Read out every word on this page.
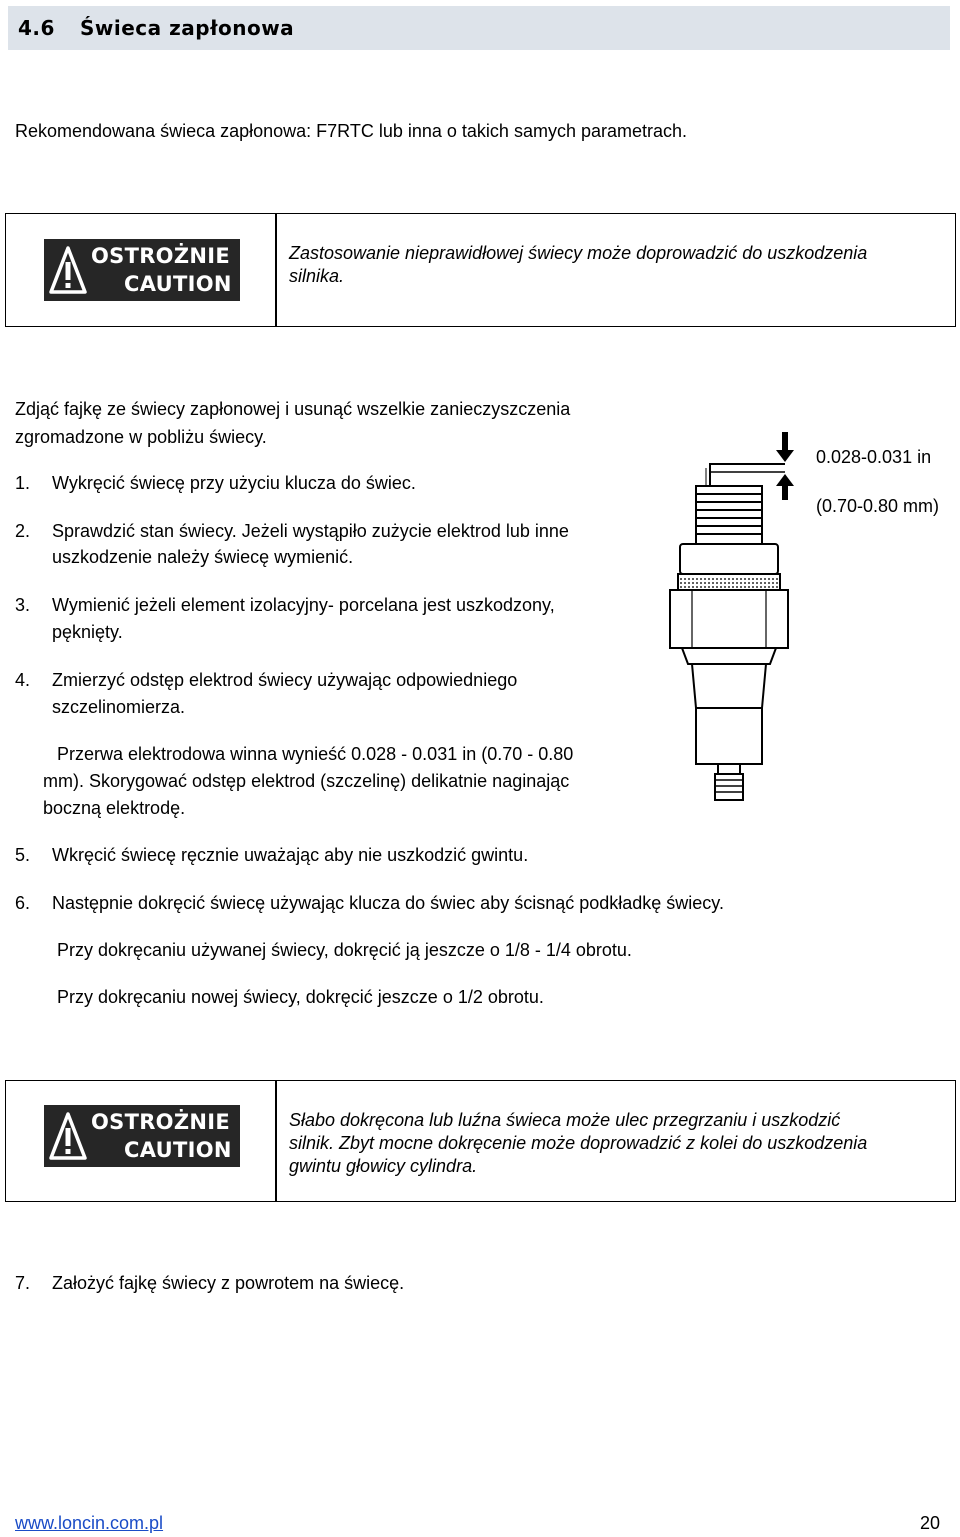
4.6 Świeca zapłonowa
Rekomendowana świeca zapłonowa: F7RTC lub inna o takich samych parametrach.
OSTROŻNIE
CAUTION
Zastosowanie nieprawidłowej świecy może doprowadzić do uszkodzenia
silnika.
Zdjąć fajkę ze świecy zapłonowej i usunąć wszelkie zanieczyszczenia
zgromadzone w pobliżu świecy.
1. Wykręcić świecę przy użyciu klucza do świec.
2. Sprawdzić stan świecy. Jeżeli wystąpiło zużycie elektrod lub inne
uszkodzenie należy świecę wymienić.
3. Wymienić jeżeli element izolacyjny- porcelana jest uszkodzony,
pęknięty.
4. Zmierzyć odstęp elektrod świecy używając odpowiedniego
szczelinomierza.
Przerwa elektrodowa winna wynieść 0.028 - 0.031 in (0.70 - 0.80
mm). Skorygować odstęp elektrod (szczelinę) delikatnie naginając
boczną elektrodę.
0.028-0.031 in
(0.70-0.80 mm)
5. Wkręcić świecę ręcznie uważając aby nie uszkodzić gwintu.
6. Następnie dokręcić świecę używając klucza do świec aby ścisnąć podkładkę świecy.
Przy dokręcaniu używanej świecy, dokręcić ją jeszcze o 1/8 - 1/4 obrotu.
Przy dokręcaniu nowej świecy, dokręcić jeszcze o 1/2 obrotu.
OSTROŻNIE
CAUTION
Słabo dokręcona lub luźna świeca może ulec przegrzaniu i uszkodzić
silnik. Zbyt mocne dokręcenie może doprowadzić z kolei do uszkodzenia
gwintu głowicy cylindra.
7. Założyć fajkę świecy z powrotem na świecę.
www.loncin.com.pl	20
